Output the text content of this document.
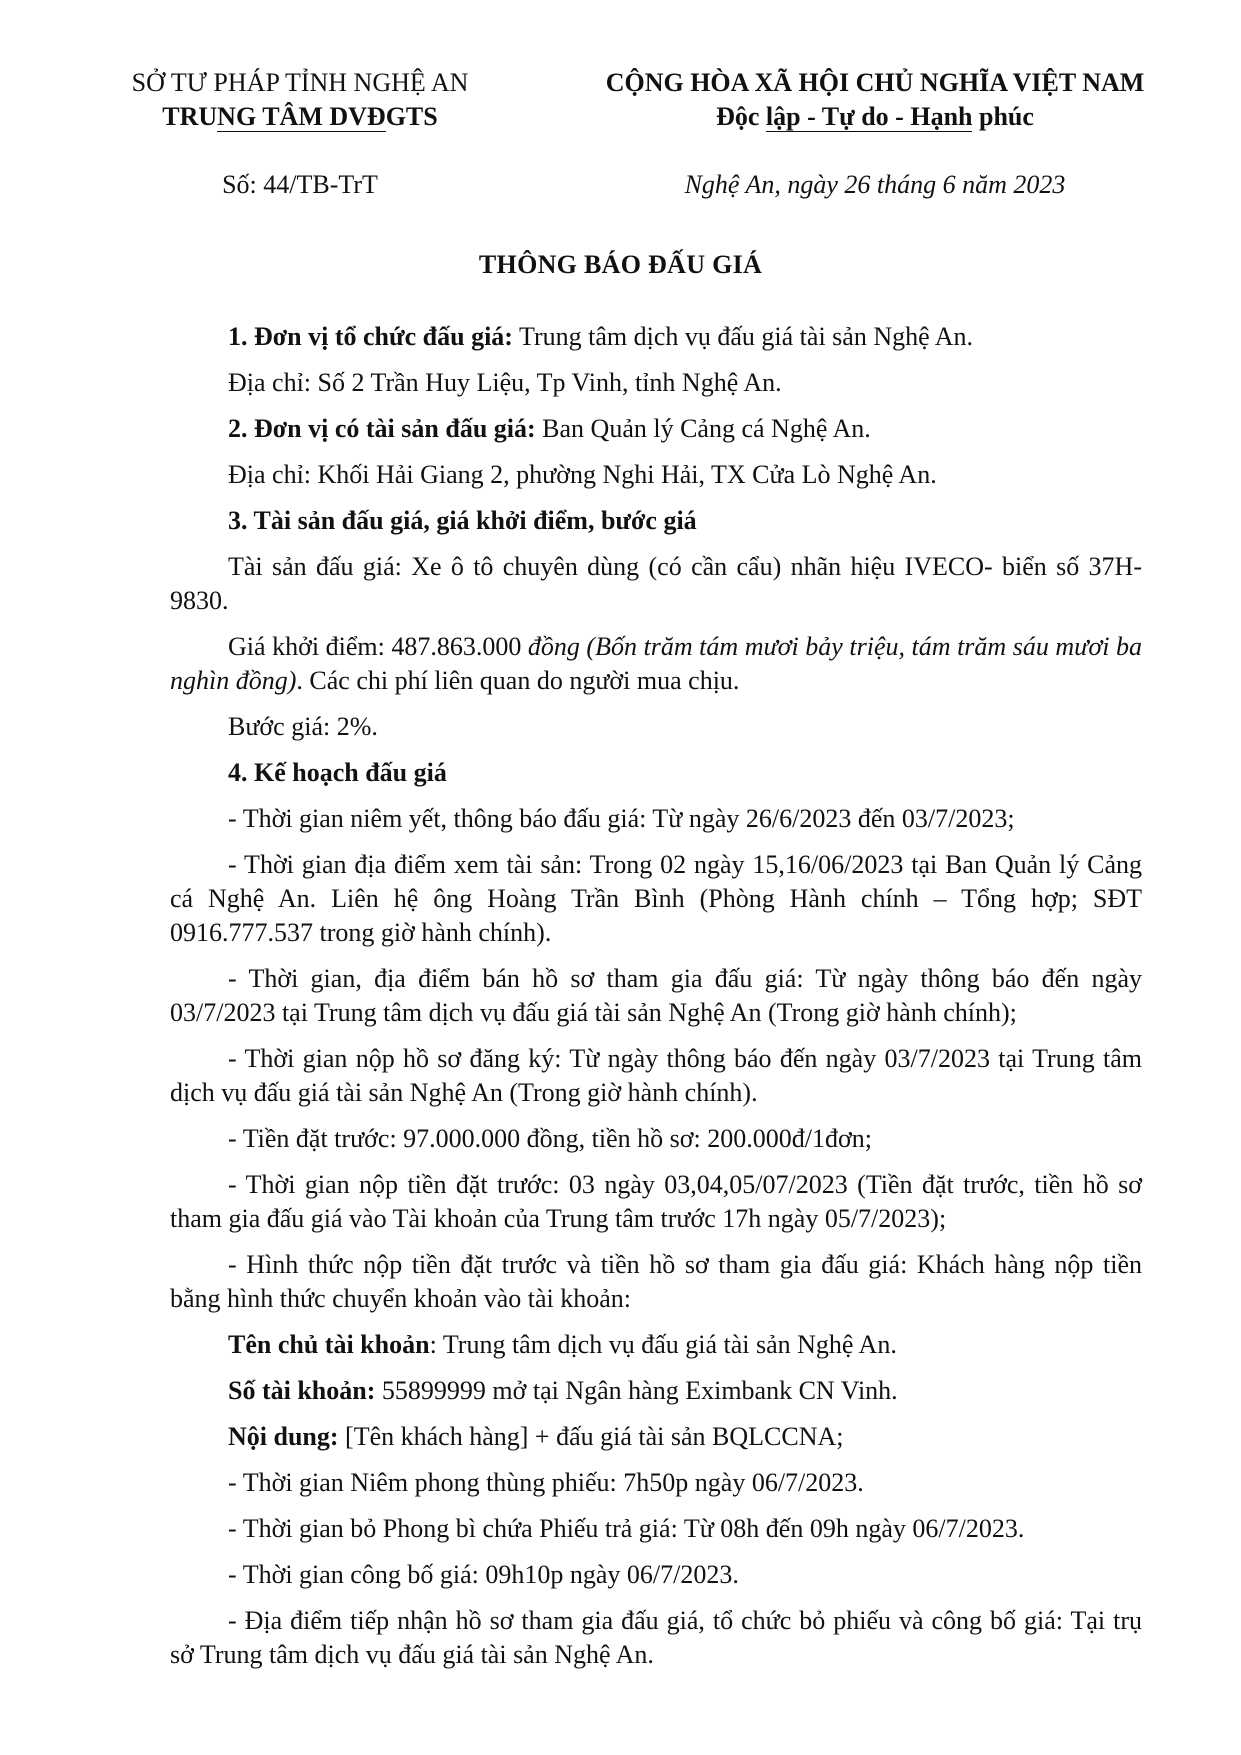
SỞ TƯ PHÁP TỈNH NGHỆ AN
TRUNG TÂM DVĐGTS
CỘNG HÒA XÃ HỘI CHỦ NGHĨA VIỆT NAM
Độc lập - Tự do - Hạnh phúc
Số: 44/TB-TrT	Nghệ An, ngày 26 tháng 6 năm 2023
THÔNG BÁO ĐẤU GIÁ

1. Đơn vị tổ chức đấu giá: Trung tâm dịch vụ đấu giá tài sản Nghệ An.

Địa chỉ: Số 2 Trần Huy Liệu, Tp Vinh, tỉnh Nghệ An.

2. Đơn vị có tài sản đấu giá: Ban Quản lý Cảng cá Nghệ An.

Địa chỉ: Khối Hải Giang 2, phường Nghi Hải, TX Cửa Lò Nghệ An.

3. Tài sản đấu giá, giá khởi điểm, bước giá

Tài sản đấu giá: Xe ô tô chuyên dùng (có cần cẩu) nhãn hiệu IVECO- biển số 37H-9830.

Giá khởi điểm: 487.863.000 đồng (Bốn trăm tám mươi bảy triệu, tám trăm sáu mươi ba nghìn đồng). Các chi phí liên quan do người mua chịu.

Bước giá: 2%.

4. Kế hoạch đấu giá

- Thời gian niêm yết, thông báo đấu giá: Từ ngày 26/6/2023 đến 03/7/2023;

- Thời gian địa điểm xem tài sản: Trong 02 ngày 15,16/06/2023 tại Ban Quản lý Cảng cá Nghệ An. Liên hệ ông Hoàng Trần Bình (Phòng Hành chính – Tổng hợp; SĐT 0916.777.537 trong giờ hành chính).

- Thời gian, địa điểm bán hồ sơ tham gia đấu giá: Từ ngày thông báo đến ngày 03/7/2023 tại Trung tâm dịch vụ đấu giá tài sản Nghệ An (Trong giờ hành chính);

- Thời gian nộp hồ sơ đăng ký: Từ ngày thông báo đến ngày 03/7/2023 tại Trung tâm dịch vụ đấu giá tài sản Nghệ An (Trong giờ hành chính).

- Tiền đặt trước: 97.000.000 đồng, tiền hồ sơ: 200.000đ/1đơn;

- Thời gian nộp tiền đặt trước: 03 ngày 03,04,05/07/2023 (Tiền đặt trước, tiền hồ sơ tham gia đấu giá vào Tài khoản của Trung tâm trước 17h ngày 05/7/2023);

- Hình thức nộp tiền đặt trước và tiền hồ sơ tham gia đấu giá: Khách hàng nộp tiền bằng hình thức chuyển khoản vào tài khoản:

Tên chủ tài khoản: Trung tâm dịch vụ đấu giá tài sản Nghệ An.

Số tài khoản: 55899999 mở tại Ngân hàng Eximbank CN Vinh.

Nội dung: [Tên khách hàng] + đấu giá tài sản BQLCCNA;

- Thời gian Niêm phong thùng phiếu: 7h50p ngày 06/7/2023.

- Thời gian bỏ Phong bì chứa Phiếu trả giá: Từ 08h đến 09h ngày 06/7/2023.

- Thời gian công bố giá: 09h10p ngày 06/7/2023.

- Địa điểm tiếp nhận hồ sơ tham gia đấu giá, tổ chức bỏ phiếu và công bố giá: Tại trụ sở Trung tâm dịch vụ đấu giá tài sản Nghệ An.
